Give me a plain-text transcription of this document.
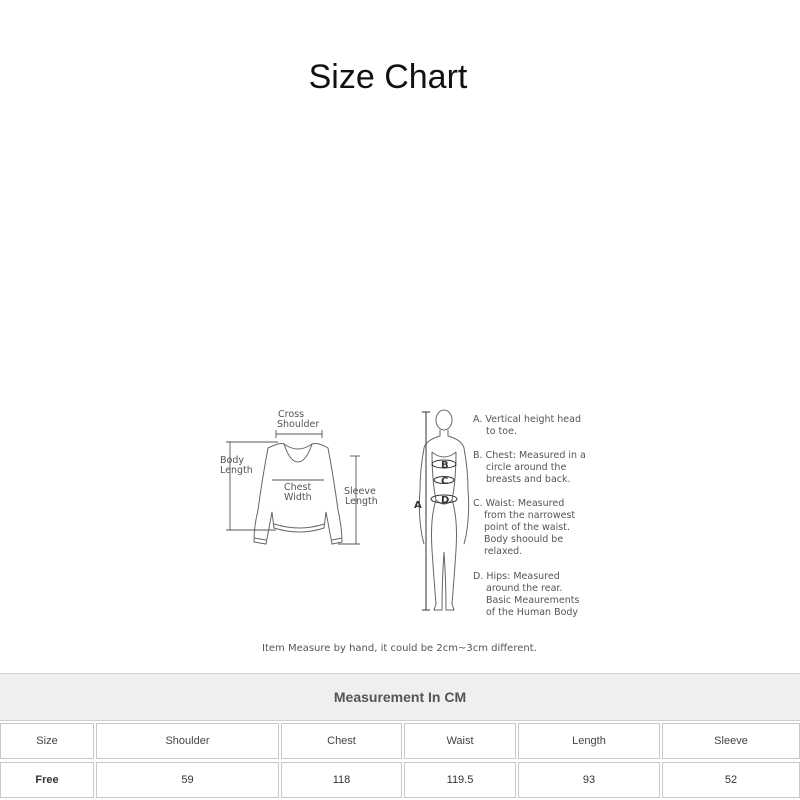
Size Chart
Cross
Shoulder
Body
Length
Chest
Width
Sleeve
Length
B
C
D
A
A. Vertical height head
to toe.
B. Chest: Measured in a
circle around the
breasts and back.
C. Waist: Measured
from the narrowest
point of the waist.
Body shoould be
relaxed.
D. Hips: Measured
around the rear.
Basic Meaurements
of the Human Body
Item Measure by hand, it could be 2cm~3cm different.
Measurement In CM
Size	Shoulder	Chest	Waist	Length	Sleeve
Free	59	118	119.5	93	52
